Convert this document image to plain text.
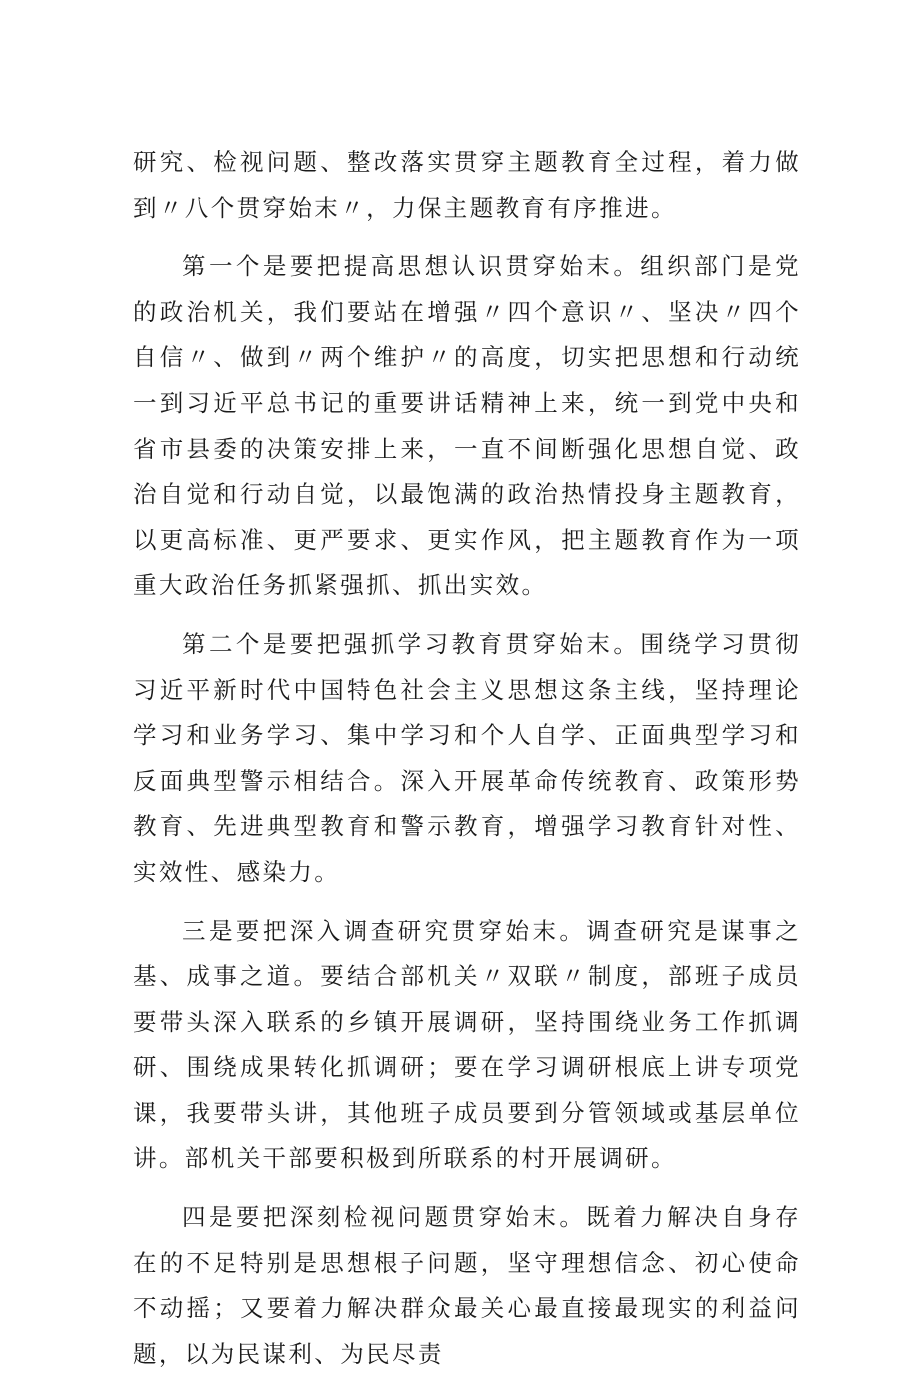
研究、检视问题、整改落实贯穿主题教育全过程，着力做到〃八个贯穿始末〃，力保主题教育有序推进。

第一个是要把提高思想认识贯穿始末。组织部门是党的政治机关，我们要站在增强〃四个意识〃、坚决〃四个自信〃、做到〃两个维护〃的高度，切实把思想和行动统一到习近平总书记的重要讲话精神上来，统一到党中央和省市县委的决策安排上来，一直不间断强化思想自觉、政治自觉和行动自觉，以最饱满的政治热情投身主题教育，以更高标准、更严要求、更实作风，把主题教育作为一项重大政治任务抓紧强抓、抓出实效。

第二个是要把强抓学习教育贯穿始末。围绕学习贯彻习近平新时代中国特色社会主义思想这条主线，坚持理论学习和业务学习、集中学习和个人自学、正面典型学习和反面典型警示相结合。深入开展革命传统教育、政策形势教育、先进典型教育和警示教育，增强学习教育针对性、实效性、感染力。

三是要把深入调查研究贯穿始末。调查研究是谋事之基、成事之道。要结合部机关〃双联〃制度，部班子成员要带头深入联系的乡镇开展调研，坚持围绕业务工作抓调研、围绕成果转化抓调研；要在学习调研根底上讲专项党课，我要带头讲，其他班子成员要到分管领域或基层单位讲。部机关干部要积极到所联系的村开展调研。

四是要把深刻检视问题贯穿始末。既着力解决自身存在的不足特别是思想根子问题，坚守理想信念、初心使命不动摇；又要着力解决群众最关心最直接最现实的利益问题，以为民谋利、为民尽责
